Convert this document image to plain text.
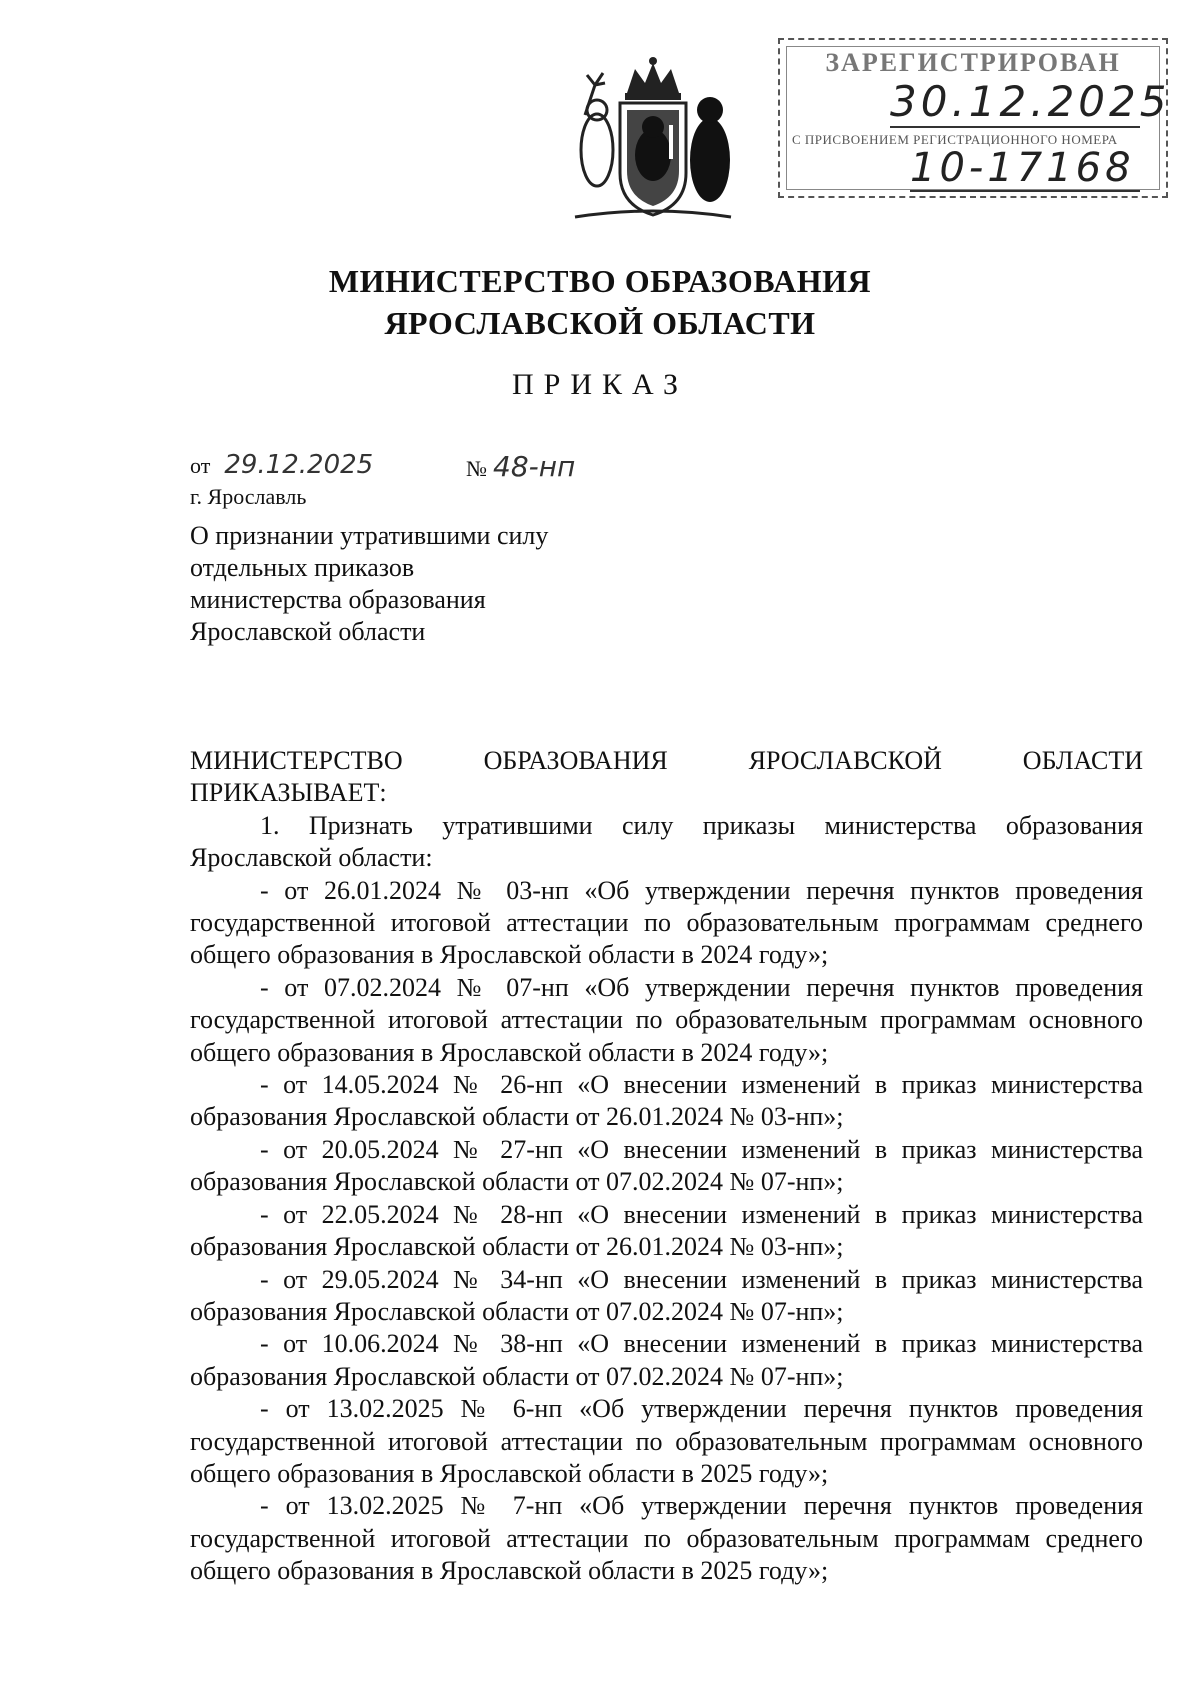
ЗАРЕГИСТРИРОВАН
30.12.2025
С ПРИСВОЕНИЕМ РЕГИСТРАЦИОННОГО НОМЕРА
10-17168
МИНИСТЕРСТВО ОБРАЗОВАНИЯ
ЯРОСЛАВСКОЙ ОБЛАСТИ
ПРИКАЗ
от 29.12.2025	№ 48-нп
г. Ярославль
О признании утратившими силу
отдельных приказов
министерства образования
Ярославской области
МИНИСТЕРСТВО	ОБРАЗОВАНИЯ	ЯРОСЛАВСКОЙ	ОБЛАСТИ

ПРИКАЗЫВАЕТ:

1. Признать утратившими силу приказы министерства образования Ярославской области:

- от 26.01.2024 № 03-нп «Об утверждении перечня пунктов проведения государственной итоговой аттестации по образовательным программам среднего общего образования в Ярославской области в 2024 году»;

- от 07.02.2024 № 07-нп «Об утверждении перечня пунктов проведения государственной итоговой аттестации по образовательным программам основного общего образования в Ярославской области в 2024 году»;

- от 14.05.2024 № 26-нп «О внесении изменений в приказ министерства образования Ярославской области от 26.01.2024 № 03-нп»;

- от 20.05.2024 № 27-нп «О внесении изменений в приказ министерства образования Ярославской области от 07.02.2024 № 07-нп»;

- от 22.05.2024 № 28-нп «О внесении изменений в приказ министерства образования Ярославской области от 26.01.2024 № 03-нп»;

- от 29.05.2024 № 34-нп «О внесении изменений в приказ министерства образования Ярославской области от 07.02.2024 № 07-нп»;

- от 10.06.2024 № 38-нп «О внесении изменений в приказ министерства образования Ярославской области от 07.02.2024 № 07-нп»;

- от 13.02.2025 № 6-нп «Об утверждении перечня пунктов проведения государственной итоговой аттестации по образовательным программам основного общего образования в Ярославской области в 2025 году»;

- от 13.02.2025 № 7-нп «Об утверждении перечня пунктов проведения государственной итоговой аттестации по образовательным программам среднего общего образования в Ярославской области в 2025 году»;
